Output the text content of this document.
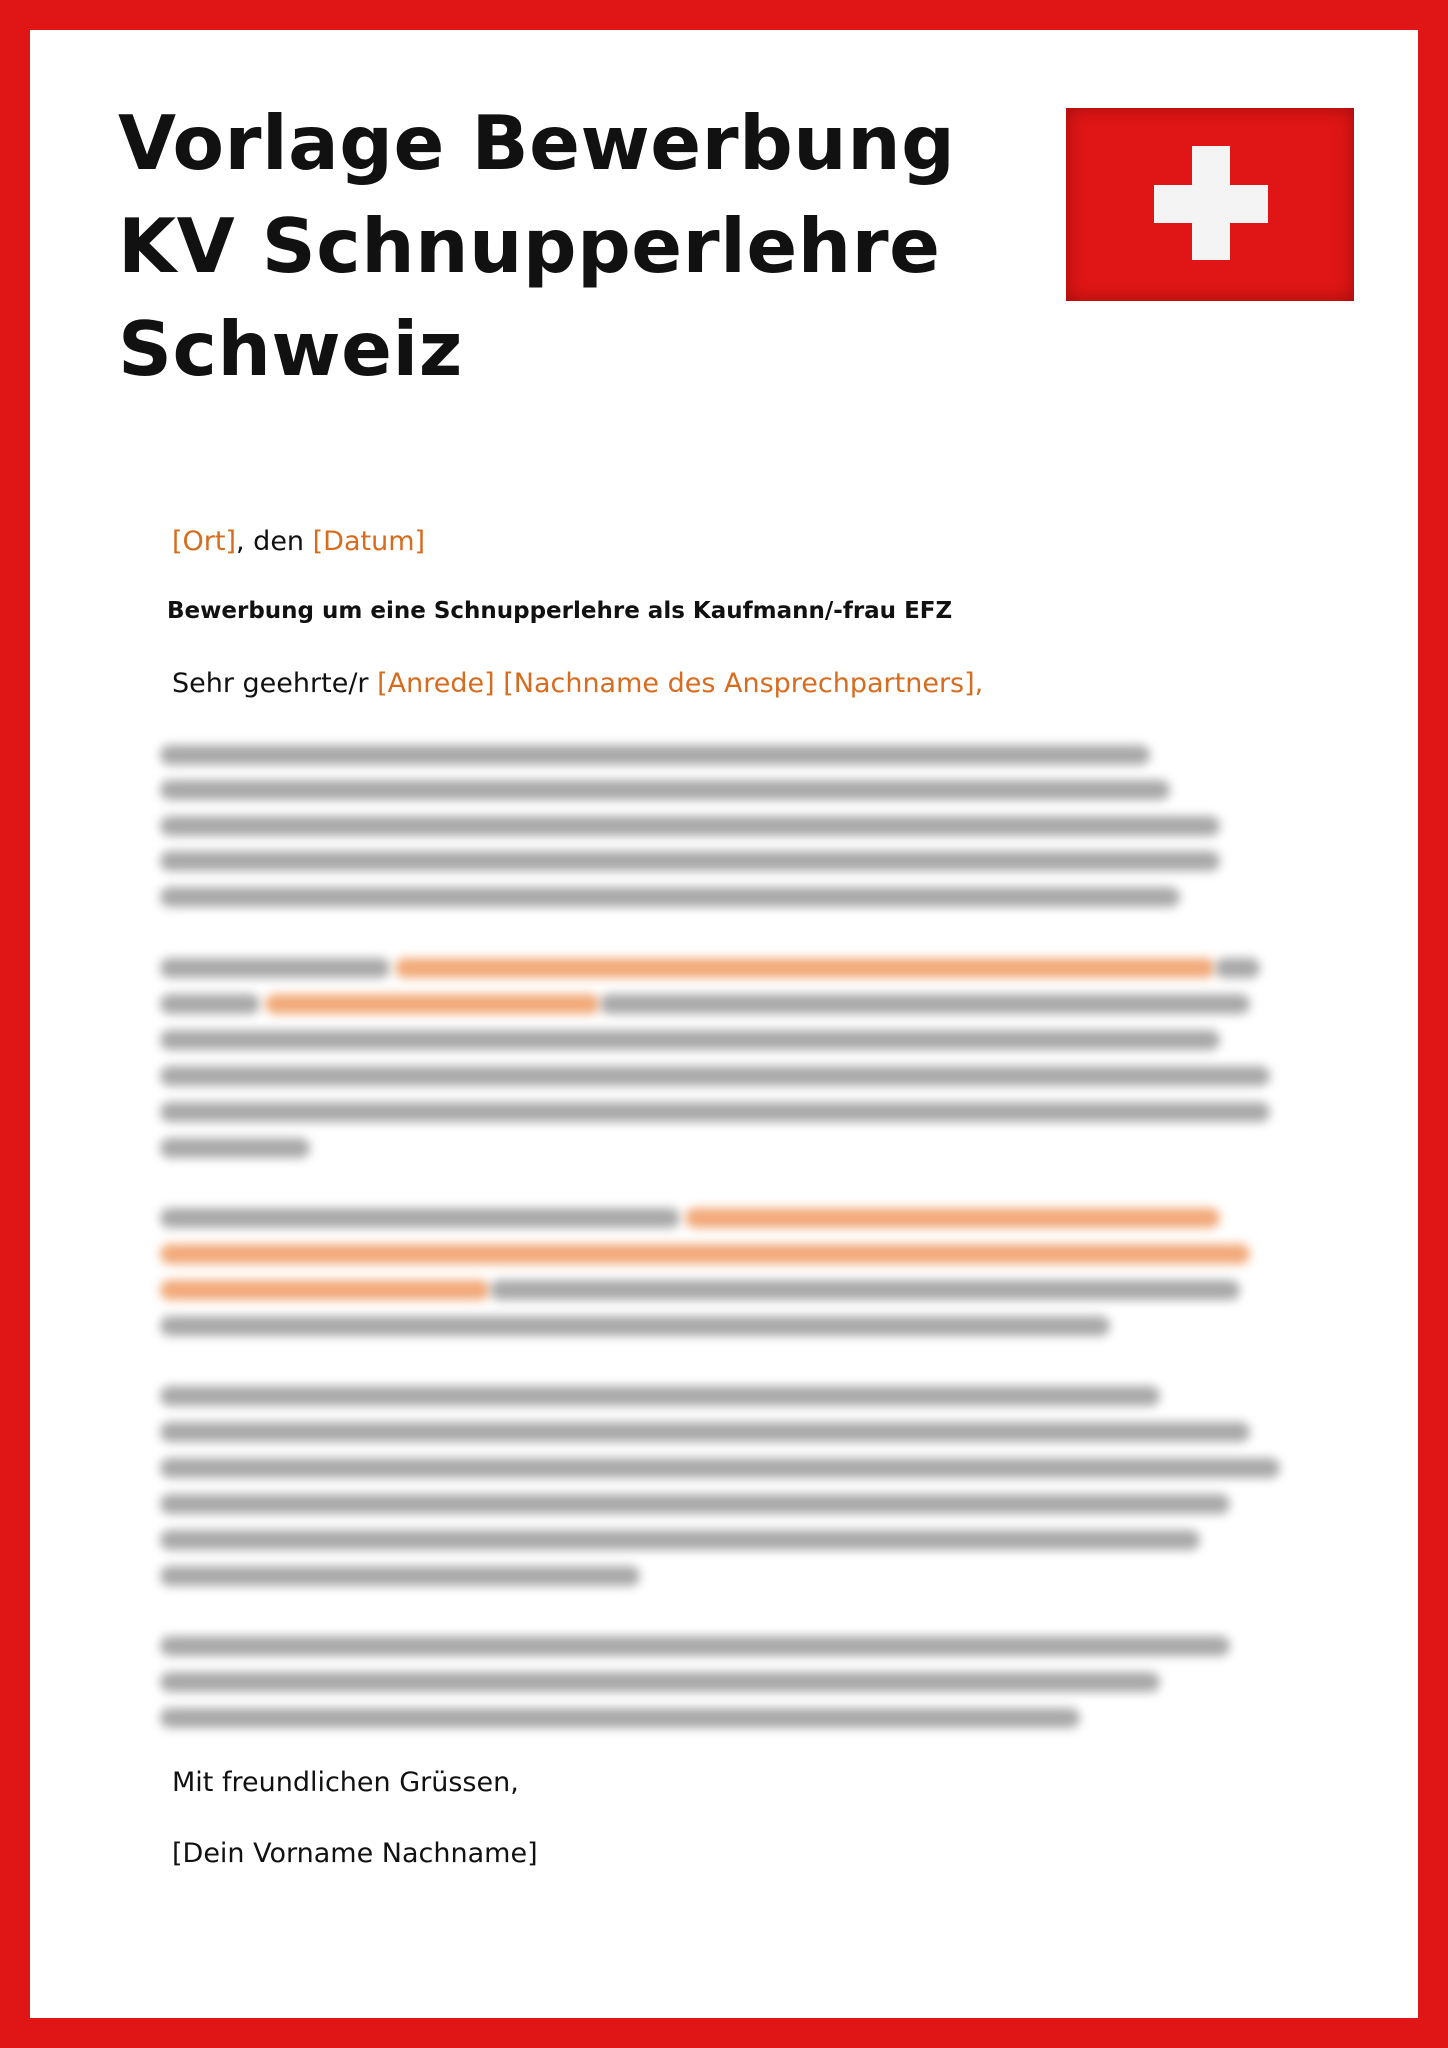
Vorlage Bewerbung
KV Schnupperlehre
Schweiz
[Ort], den [Datum]
Bewerbung um eine Schnupperlehre als Kaufmann/-frau EFZ
Sehr geehrte/r [Anrede] [Nachname des Ansprechpartners],
Mit freundlichen Grüssen,
[Dein Vorname Nachname]
